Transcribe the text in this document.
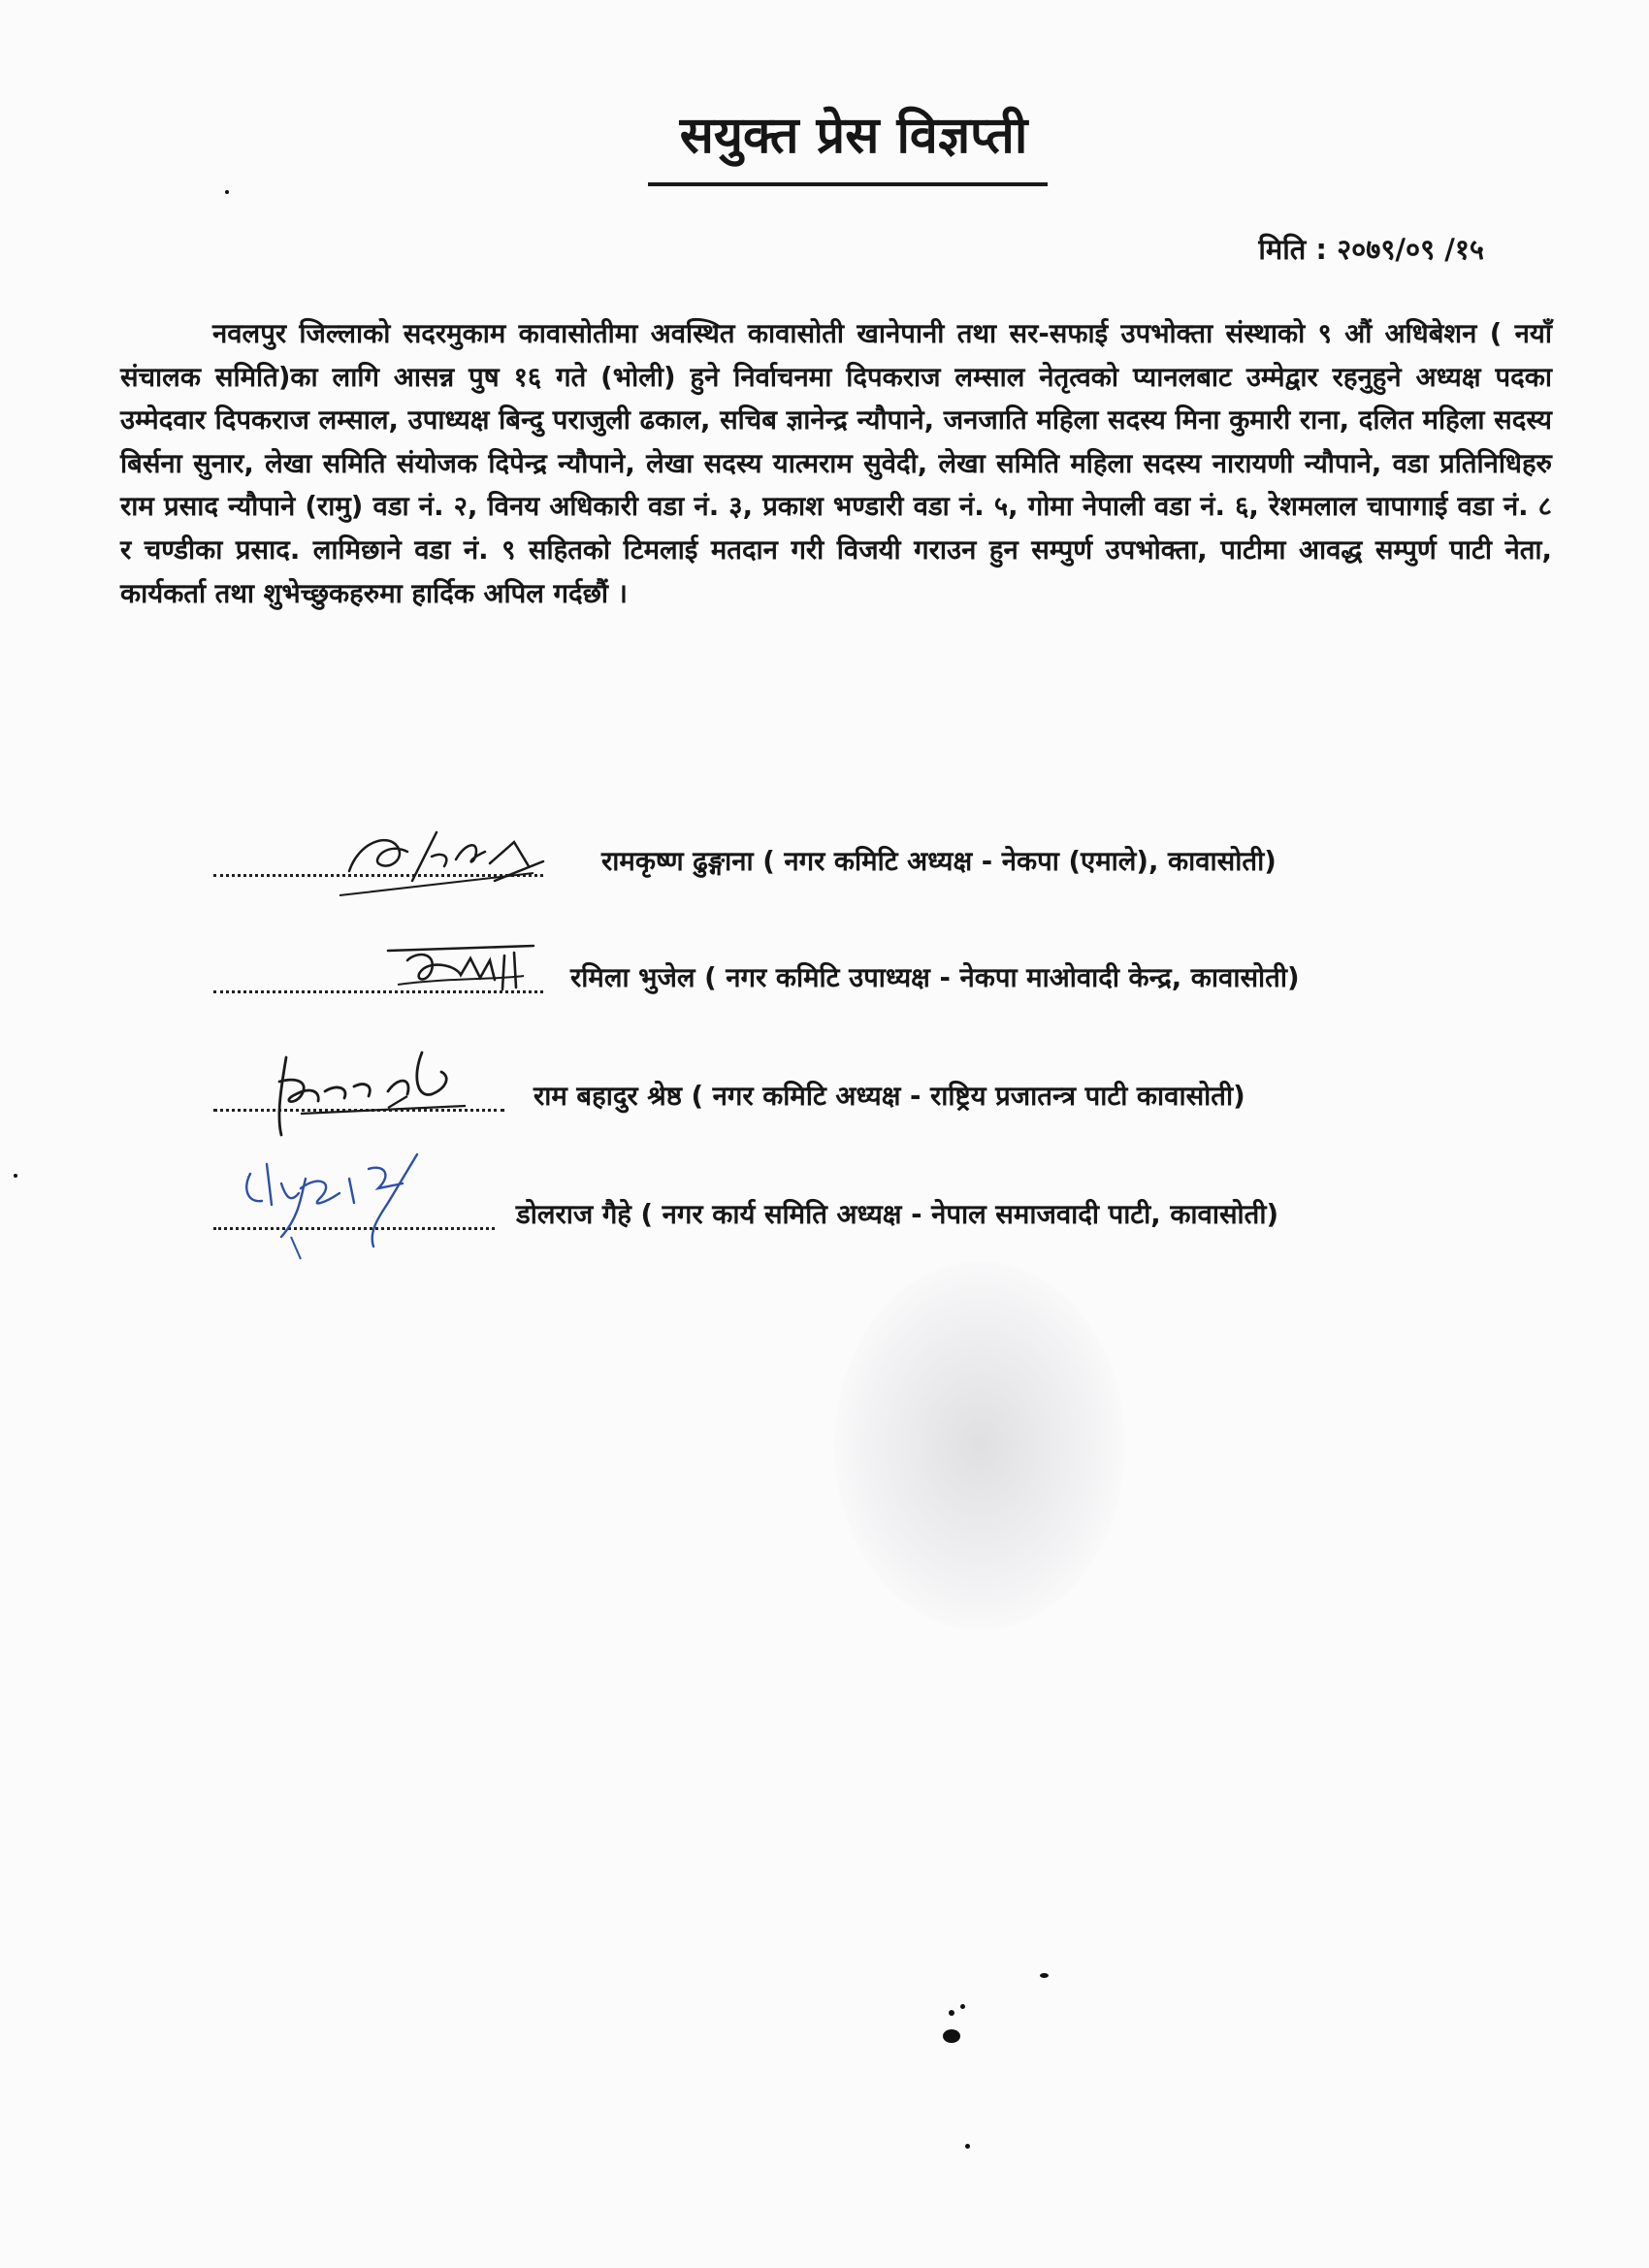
सयुक्त प्रेस विज्ञप्ती
मिति : २०७९/०९ /१५
नवलपुर जिल्लाको सदरमुकाम कावासोतीमा अवस्थित कावासोती खानेपानी तथा सर-सफाई उपभोक्ता संस्थाको ९ औं अधिबेशन ( नयाँ संचालक समिति)का लागि आसन्न पुष १६ गते (भोली) हुने निर्वाचनमा दिपकराज लम्साल नेतृत्वको प्यानलबाट उम्मेद्वार रहनुहुने अध्यक्ष पदका उम्मेदवार दिपकराज लम्साल, उपाध्यक्ष बिन्दु पराजुली ढकाल, सचिब ज्ञानेन्द्र न्यौपाने, जनजाति महिला सदस्य मिना कुमारी राना, दलित महिला सदस्य बिर्सना सुनार, लेखा समिति संयोजक दिपेन्द्र न्यौपाने, लेखा सदस्य यात्मराम सुवेदी, लेखा समिति महिला सदस्य नारायणी न्यौपाने, वडा प्रतिनिधिहरु राम प्रसाद न्यौपाने (रामु) वडा नं. २, विनय अधिकारी वडा नं. ३, प्रकाश भण्डारी वडा नं. ५, गोमा नेपाली वडा नं. ६, रेशमलाल चापागाई वडा नं. ८ र चण्डीका प्रसाद. लामिछाने वडा नं. ९ सहितको टिमलाई मतदान गरी विजयी गराउन हुन सम्पुर्ण उपभोक्ता, पाटीमा आवद्ध सम्पुर्ण पाटी नेता, कार्यकर्ता तथा शुभेच्छुकहरुमा हार्दिक अपिल गर्दछौं ।
रामकृष्ण ढुङ्गाना ( नगर कमिटि अध्यक्ष - नेकपा (एमाले), कावासोती)
रमिला भुजेल ( नगर कमिटि उपाध्यक्ष - नेकपा माओवादी केन्द्र, कावासोती)
राम बहादुर श्रेष्ठ ( नगर कमिटि अध्यक्ष - राष्ट्रिय प्रजातन्त्र पाटी कावासोती)
डोलराज गैहे ( नगर कार्य समिति अध्यक्ष - नेपाल समाजवादी पाटी, कावासोती)
